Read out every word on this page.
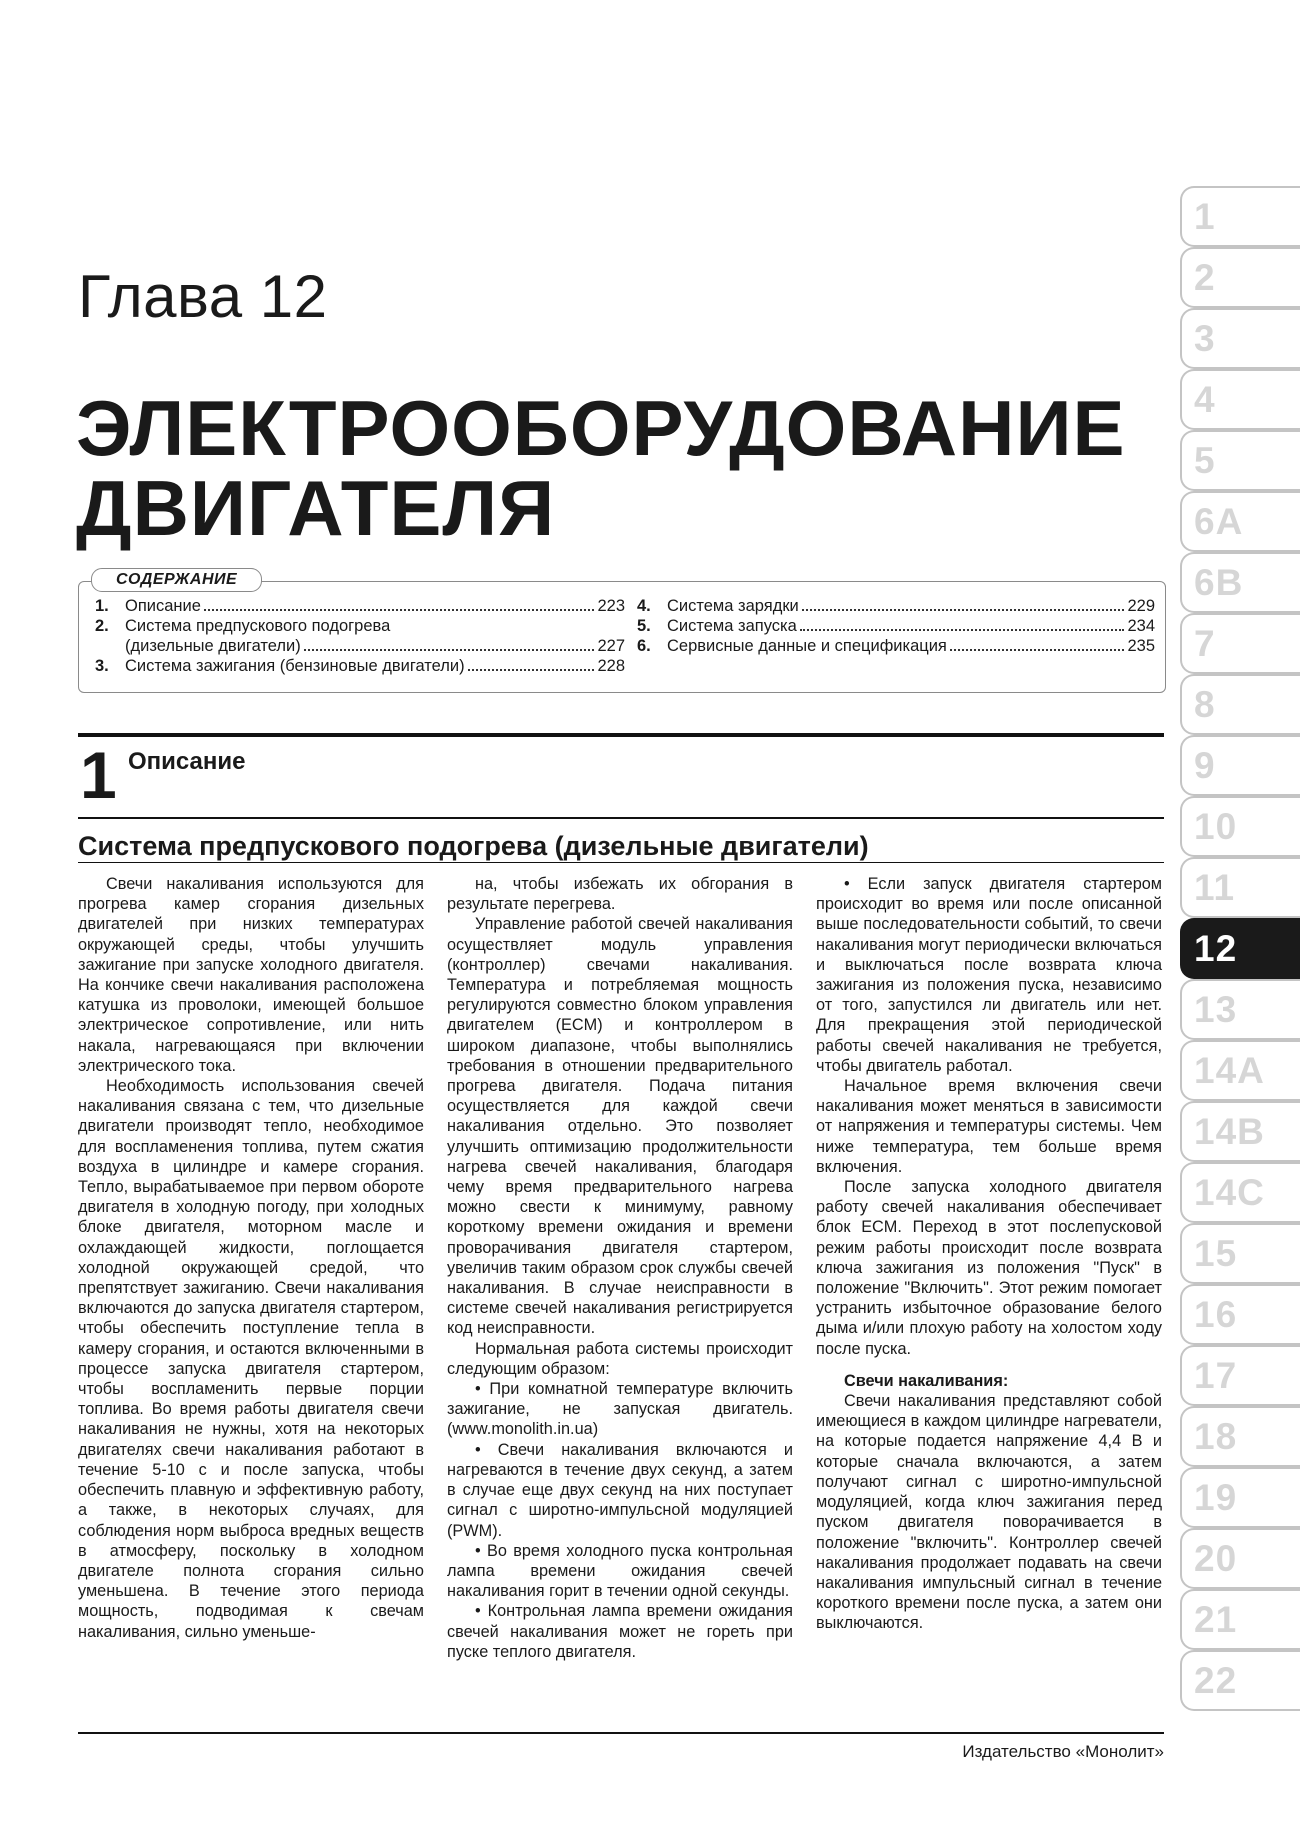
Глава 12
ЭЛЕКТРООБОРУДОВАНИЕ
ДВИГАТЕЛЯ
СОДЕРЖАНИЕ
1. Описание	223
2. Система предпускового подогрева
(дизельные двигатели)	227
3. Система зажигания (бензиновые двигатели)	228
4. Система зарядки	229
5. Система запуска	234
6. Сервисные данные и спецификация	235
1 Описание
Система предпускового подогрева (дизельные двигатели)

Свечи накаливания используются для прогрева камер сгорания дизельных двигателей при низких температурах окружающей среды, чтобы улучшить зажигание при запуске холодного двигателя. На кончике свечи накаливания расположена катушка из проволоки, имеющей большое электрическое сопротивление, или нить накала, нагревающаяся при включении электрического тока.

Необходимость использования свечей накаливания связана с тем, что дизельные двигатели производят тепло, необходимое для воспламенения топлива, путем сжатия воздуха в цилиндре и камере сгорания. Тепло, вырабатываемое при первом обороте двигателя в холодную погоду, при холодных блоке двигателя, моторном масле и охлаждающей жидкости, поглощается холодной окружающей средой, что препятствует зажиганию. Свечи накаливания включаются до запуска двигателя стартером, чтобы обеспечить поступление тепла в камеру сгорания, и остаются включенными в процессе запуска двигателя стартером, чтобы воспламенить первые порции топлива. Во время работы двигателя свечи накаливания не нужны, хотя на некоторых двигателях свечи накаливания работают в течение 5-10 с и после запуска, чтобы обеспечить плавную и эффективную работу, а также, в некоторых случаях, для соблюдения норм выброса вредных веществ в атмосферу, поскольку в холодном двигателе полнота сгорания сильно уменьшена. В течение этого периода мощность, подводимая к свечам накаливания, сильно уменьше-

на, чтобы избежать их обгорания в результате перегрева.

Управление работой свечей накаливания осуществляет модуль управления (контроллер) свечами накаливания. Температура и потребляемая мощность регулируются совместно блоком управления двигателем (ECM) и контроллером в широком диапазоне, чтобы выполнялись требования в отношении предварительного прогрева двигателя. Подача питания осуществляется для каждой свечи накаливания отдельно. Это позволяет улучшить оптимизацию продолжительности нагрева свечей накаливания, благодаря чему время предварительного нагрева можно свести к минимуму, равному короткому времени ожидания и времени проворачивания двигателя стартером, увеличив таким образом срок службы свечей накаливания. В случае неисправности в системе свечей накаливания регистрируется код неисправности.

Нормальная работа системы происходит следующим образом:

• При комнатной температуре включить зажигание, не запуская двигатель. (www.monolith.in.ua)

• Свечи накаливания включаются и нагреваются в течение двух секунд, а затем в случае еще двух секунд на них поступает сигнал с широтно-импульсной модуляцией (PWM).

• Во время холодного пуска контрольная лампа времени ожидания свечей накаливания горит в течении одной секунды.

• Контрольная лампа времени ожидания свечей накаливания может не гореть при пуске теплого двигателя.

• Если запуск двигателя стартером происходит во время или после описанной выше последовательности событий, то свечи накаливания могут периодически включаться и выключаться после возврата ключа зажигания из положения пуска, независимо от того, запустился ли двигатель или нет. Для прекращения этой периодической работы свечей накаливания не требуется, чтобы двигатель работал.

Начальное время включения свечи накаливания может меняться в зависимости от напряжения и температуры системы. Чем ниже температура, тем больше время включения.

После запуска холодного двигателя работу свечей накаливания обеспечивает блок ECM. Переход в этот послепусковой режим работы происходит после возврата ключа зажигания из положения "Пуск" в положение "Включить". Этот режим помогает устранить избыточное образование белого дыма и/или плохую работу на холостом ходу после пуска.

Свечи накаливания:

Свечи накаливания представляют собой имеющиеся в каждом цилиндре нагреватели, на которые подается напряжение 4,4 В и которые сначала включаются, а затем получают сигнал с широтно-импульсной модуляцией, когда ключ зажигания перед пуском двигателя поворачивается в положение "включить". Контроллер свечей накаливания продолжает подавать на свечи накаливания импульсный сигнал в течение короткого времени после пуска, а затем они выключаются.

Издательство «Монолит»
1
2
3
4
5
6A
6B
7
8
9
10
11
12
13
14A
14B
14C
15
16
17
18
19
20
21
22
